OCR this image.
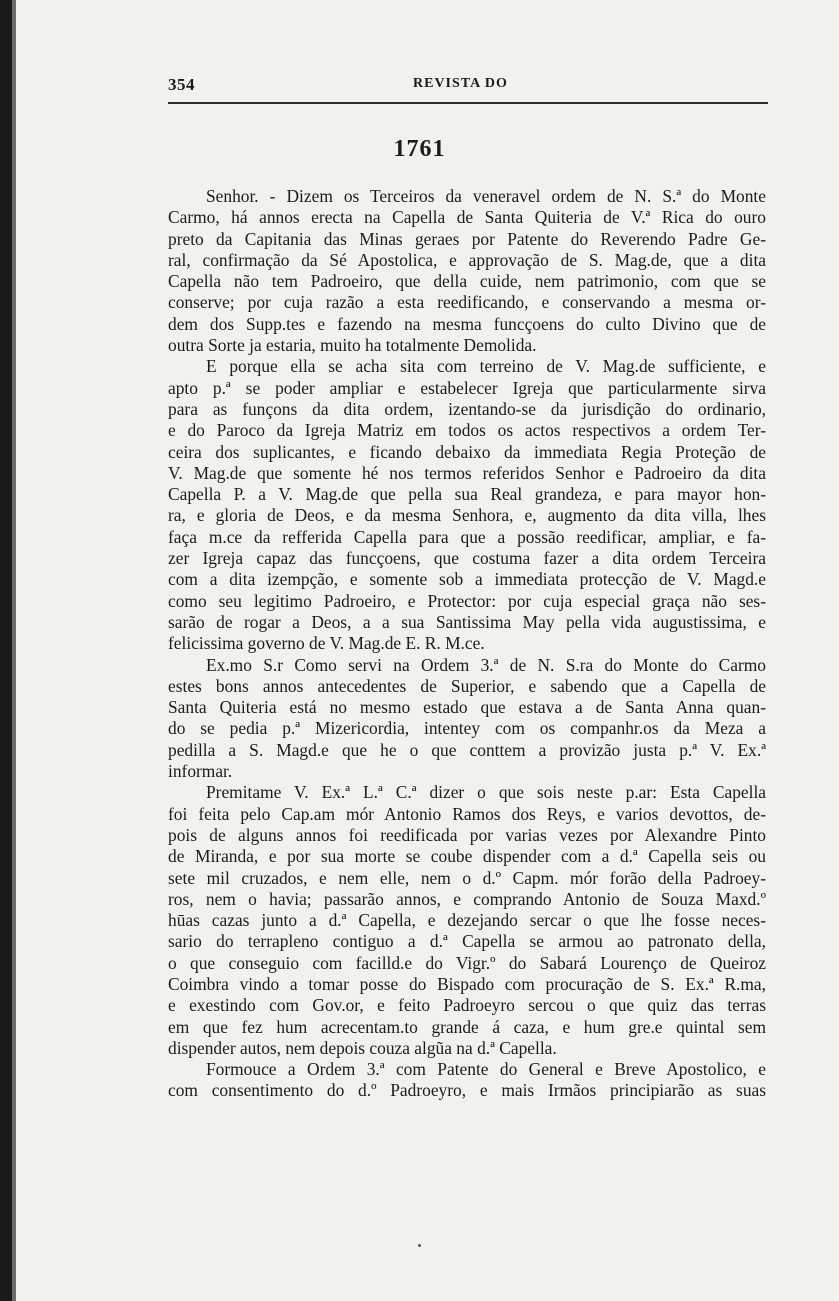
354	REVISTA DO
1761
Senhor. - Dizem os Terceiros da veneravel ordem de N. S.ª do Monte
Carmo, há annos erecta na Capella de Santa Quiteria de V.ª Rica do ouro
preto da Capitania das Minas geraes por Patente do Reverendo Padre Ge-
ral, confirmação da Sé Apostolica, e approvação de S. Mag.de, que a dita
Capella não tem Padroeiro, que della cuide, nem patrimonio, com que se
conserve; por cuja razão a esta reedificando, e conservando a mesma or-
dem dos Supp.tes e fazendo na mesma funcçoens do culto Divino que de
outra Sorte ja estaria, muito ha totalmente Demolida.
E porque ella se acha sita com terreino de V. Mag.de sufficiente, e
apto p.ª se poder ampliar e estabelecer Igreja que particularmente sirva
para as funçons da dita ordem, izentando-se da jurisdição do ordinario,
e do Paroco da Igreja Matriz em todos os actos respectivos a ordem Ter-
ceira dos suplicantes, e ficando debaixo da immediata Regia Proteção de
V. Mag.de que somente hé nos termos referidos Senhor e Padroeiro da dita
Capella P. a V. Mag.de que pella sua Real grandeza, e para mayor hon-
ra, e gloria de Deos, e da mesma Senhora, e, augmento da dita villa, lhes
faça m.ce da refferida Capella para que a possão reedificar, ampliar, e fa-
zer Igreja capaz das funcçoens, que costuma fazer a dita ordem Terceira
com a dita izempção, e somente sob a immediata protecção de V. Magd.e
como seu legitimo Padroeiro, e Protector: por cuja especial graça não ses-
sarão de rogar a Deos, a a sua Santissima May pella vida augustissima, e
felicissima governo de V. Mag.de E. R. M.ce.
Ex.mo S.r Como servi na Ordem 3.ª de N. S.ra do Monte do Carmo
estes bons annos antecedentes de Superior, e sabendo que a Capella de
Santa Quiteria está no mesmo estado que estava a de Santa Anna quan-
do se pedia p.ª Mizericordia, intentey com os companhr.os da Meza a
pedilla a S. Magd.e que he o que conttem a provizão justa p.ª V. Ex.ª
informar.
Premitame V. Ex.ª L.ª C.ª dizer o que sois neste p.ar: Esta Capella
foi feita pelo Cap.am mór Antonio Ramos dos Reys, e varios devottos, de-
pois de alguns annos foi reedificada por varias vezes por Alexandre Pinto
de Miranda, e por sua morte se coube dispender com a d.ª Capella seis ou
sete mil cruzados, e nem elle, nem o d.º Capm. mór forão della Padroey-
ros, nem o havia; passarão annos, e comprando Antonio de Souza Maxd.º
hūas cazas junto a d.ª Capella, e dezejando sercar o que lhe fosse neces-
sario do terrapleno contiguo a d.ª Capella se armou ao patronato della,
o que conseguio com facilld.e do Vigr.º do Sabará Lourenço de Queiroz
Coimbra vindo a tomar posse do Bispado com procuração de S. Ex.ª R.ma,
e exestindo com Gov.or, e feito Padroeyro sercou o que quiz das terras
em que fez hum acrecentam.to grande á caza, e hum gre.e quintal sem
dispender autos, nem depois couza algũa na d.ª Capella.
Formouce a Ordem 3.ª com Patente do General e Breve Apostolico, e
com consentimento do d.º Padroeyro, e mais Irmãos principiarão as suas
